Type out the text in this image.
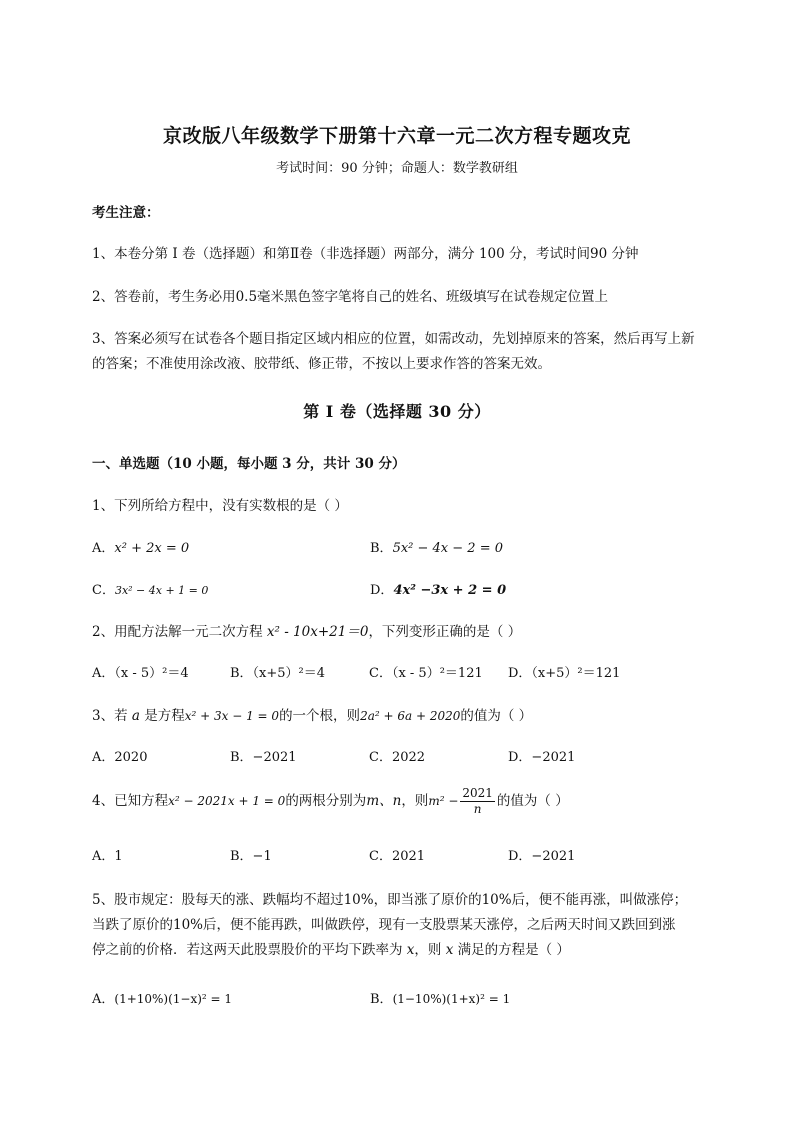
京改版八年级数学下册第十六章一元二次方程专题攻克
考试时间：90 分钟；命题人：数学教研组
考生注意：
1、本卷分第 I 卷（选择题）和第Ⅱ卷（非选择题）两部分，满分 100 分，考试时间90 分钟
2、答卷前，考生务必用0.5毫米黑色签字笔将自己的姓名、班级填写在试卷规定位置上
3、答案必须写在试卷各个题目指定区域内相应的位置，如需改动，先划掉原来的答案，然后再写上新
的答案；不准使用涂改液、胶带纸、修正带，不按以上要求作答的答案无效。
第 I 卷（选择题 30 分）
一、单选题（10 小题，每小题 3 分，共计 30 分）
1、下列所给方程中，没有实数根的是（ ）
A．x² + 2x = 0	B．5x² − 4x − 2 = 0
C．3x² − 4x + 1 = 0	D．4x² −3x + 2 = 0
2、用配方法解一元二次方程 x² - 10x+21＝0，下列变形正确的是（ ）
A．（x - 5）²＝4	B．（x+5）²＝4	C．（x - 5）²＝121 D．（x+5）²＝121
3、若 a 是方程x² + 3x − 1 = 0的一个根，则2a² + 6a + 2020的值为（ ）
A．2020	B．−2021	C．2022	D．−2021
4、已知方程x² − 2021x + 1 = 0的两根分别为m、n，则$m^2 - \frac{2021}{n}$ 的值为（ ）
A．1	B．−1	C．2021	D．−2021
5、股市规定：股每天的涨、跌幅均不超过10%，即当涨了原价的10%后，便不能再涨，叫做涨停；
当跌了原价的10%后，便不能再跌，叫做跌停，现有一支股票某天涨停，之后两天时间又跌回到涨
停之前的价格．若这两天此股票股价的平均下跌率为 x，则 x 满足的方程是（ ）
A．(1+10%)(1−x)² = 1	B．(1−10%)(1+x)² = 1
